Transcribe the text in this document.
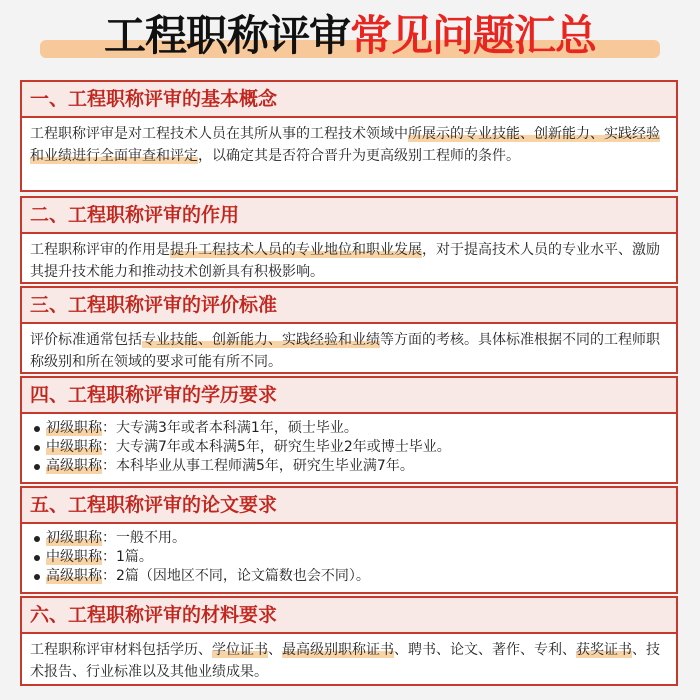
工程职称评审常见问题汇总
一、工程职称评审的基本概念
工程职称评审是对工程技术人员在其所从事的工程技术领域中所展示的专业技能、创新能力、实践经验和业绩进行全面审查和评定，以确定其是否符合晋升为更高级别工程师的条件。
二、工程职称评审的作用
工程职称评审的作用是提升工程技术人员的专业地位和职业发展，对于提高技术人员的专业水平、激励其提升技术能力和推动技术创新具有积极影响。
三、工程职称评审的评价标准
评价标准通常包括专业技能、创新能力、实践经验和业绩等方面的考核。具体标准根据不同的工程师职称级别和所在领域的要求可能有所不同。
四、工程职称评审的学历要求
初级职称：大专满3年或者本科满1年，硕士毕业。
中级职称：大专满7年或本科满5年，研究生毕业2年或博士毕业。
高级职称：本科毕业从事工程师满5年，研究生毕业满7年。
五、工程职称评审的论文要求
初级职称：一般不用。
中级职称：1篇。
高级职称：2篇（因地区不同，论文篇数也会不同）。
六、工程职称评审的材料要求
工程职称评审材料包括学历、学位证书、最高级别职称证书、聘书、论文、著作、专利、获奖证书、技术报告、行业标准以及其他业绩成果。
